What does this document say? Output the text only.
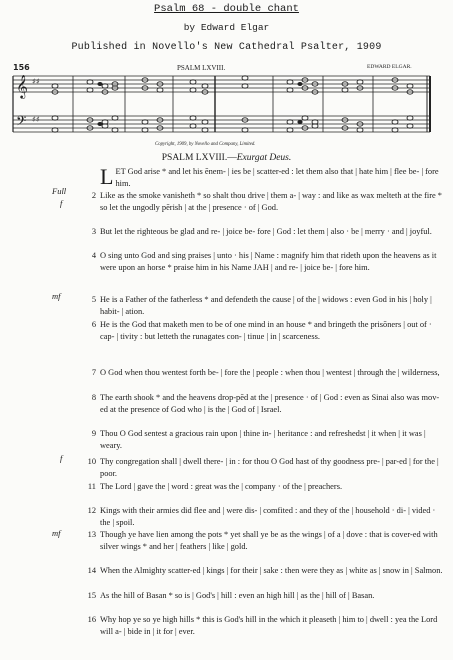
Psalm 68 - double chant
by Edward Elgar
Published in Novello's New Cathedral Psalter, 1909
𝄞
𝄢
♯♯
♯♯
156	PSALM LXVIII.	EDWARD ELGAR.
Copyright, 1909, by Novello and Company, Limited.
PSALM LXVIII.—Exurgat Deus.
Full
f
mf
f
mf
LET God arise * and let his ēnem- | ies be | scatter-ed : let them also that | hate him | flee be- | fore him.
2 Like as the smoke vanisheth * so shalt thou drive | them a- | way : and like as wax melteth at the fire * so let the ungodly pērish | at the | presence · of | God.
3 But let the righteous be glad and re- | joice be- fore | God : let them | also · be | merry · and | joyful.
4 O sing unto God and sing praises | unto · his | Name : magnify him that rideth upon the heavens as it were upon an horse * praise him in his Name JAH | and re- | joice be- | fore him.
5 He is a Father of the fatherless * and defendeth the cause | of the | widows : even God in his | holy | habit- | ation.
6 He is the God that maketh men to be of one mind in an house * and bringeth the prisōners | out of · cap- | tivity : but letteth the runagates con- | tinue | in | scarceness.
7 O God when thou wentest forth be- | fore the | people : when thou | wentest | through the | wilderness,
8 The earth shook * and the heavens drop-pēd at the | presence · of | God : even as Sinai also was mov-ed at the presence of God who | is the | God of | Israel.
9 Thou O God sentest a gracious rain upon | thine in- | heritance : and refreshedst | it when | it was | weary.
10 Thy congregation shall | dwell there- | in : for thou O God hast of thy goodness pre- | par-ed | for the | poor.
11 The Lord | gave the | word : great was the | company · of the | preachers.
12 Kings with their armies did flee and | were dis- | comfited : and they of the | household · di- | vided · the | spoil.
13 Though ye have lien among the pots * yet shall ye be as the wings | of a | dove : that is cover-ed with silver wings * and her | feathers | like | gold.
14 When the Almighty scatter-ed | kings | for their | sake : then were they as | white as | snow in | Salmon.
15 As the hill of Basan * so is | God's | hill : even an high hill | as the | hill of | Basan.
16 Why hop ye so ye high hills * this is God's hill in the which it pleaseth | him to | dwell : yea the Lord will a- | bide in | it for | ever.
